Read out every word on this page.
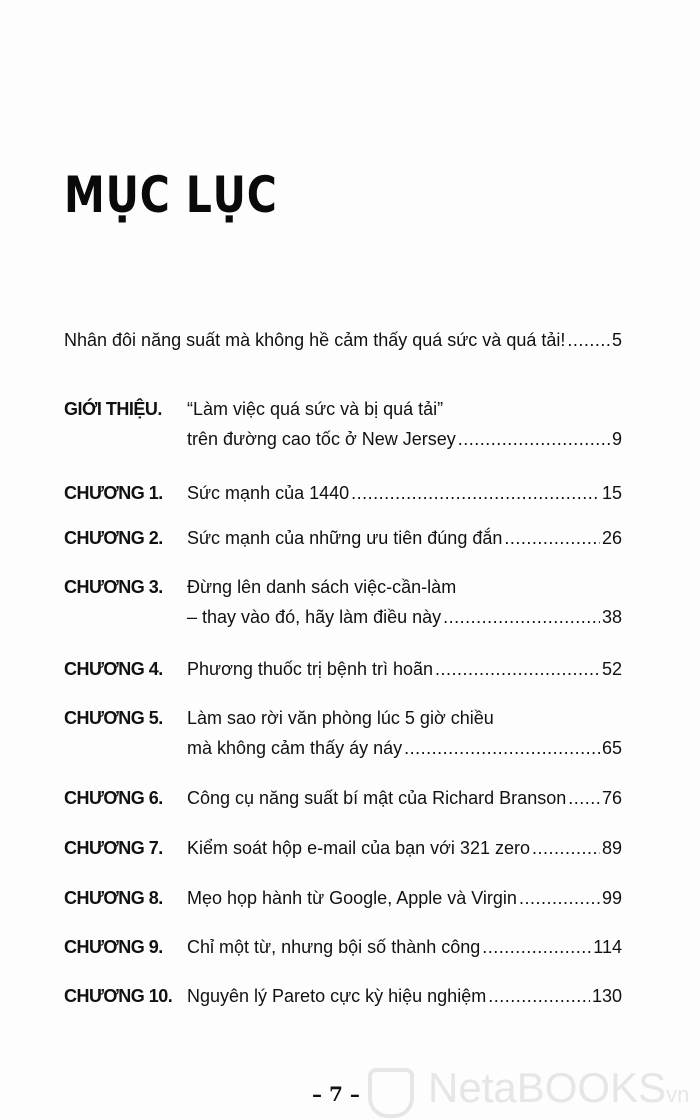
MỤC LỤC
Nhân đôi năng suất mà không hề cảm thấy quá sức và quá tải! .....	5
GIỚI THIỆU. “Làm việc quá sức và bị quá tải”
trên đường cao tốc ở New Jersey .....	9
CHƯƠNG 1. Sức mạnh của 1440 .....	15
CHƯƠNG 2. Sức mạnh của những ưu tiên đúng đắn .....	26
CHƯƠNG 3. Đừng lên danh sách việc-cần-làm
– thay vào đó, hãy làm điều này .....	38
CHƯƠNG 4. Phương thuốc trị bệnh trì hoãn .....	52
CHƯƠNG 5. Làm sao rời văn phòng lúc 5 giờ chiều
mà không cảm thấy áy náy .....	65
CHƯƠNG 6. Công cụ năng suất bí mật của Richard Branson ..... 76
CHƯƠNG 7. Kiểm soát hộp e-mail của bạn với 321 zero .....	89
CHƯƠNG 8. Mẹo họp hành từ Google, Apple và Virgin .....	99
CHƯƠNG 9. Chỉ một từ, nhưng bội số thành công .....	114
CHƯƠNG 10. Nguyên lý Pareto cực kỳ hiệu nghiệm .....	130
– 7 – NetaBOOKSvn
